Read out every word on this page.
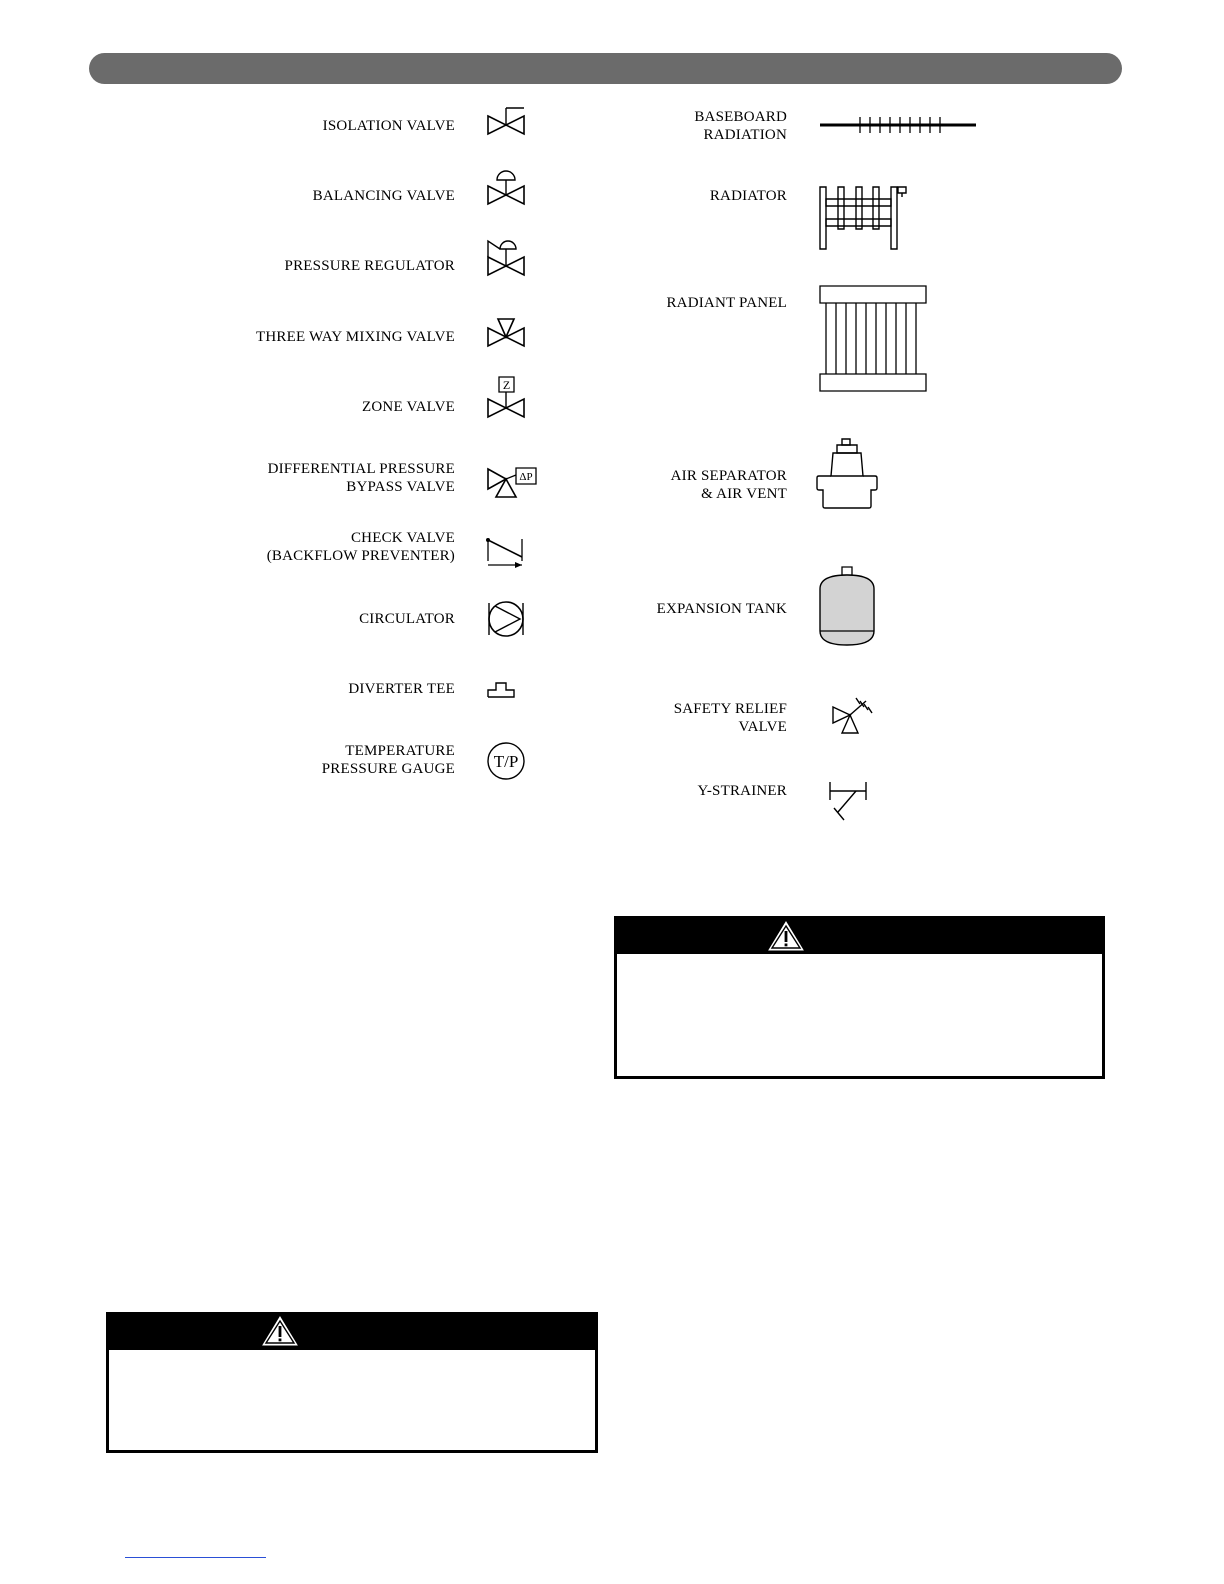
ISOLATION VALVE
BALANCING VALVE
PRESSURE REGULATOR
THREE WAY MIXING VALVE
ZONE VALVE
DIFFERENTIAL PRESSURE
BYPASS VALVE
CHECK VALVE
(BACKFLOW PREVENTER)
CIRCULATOR
DIVERTER TEE
TEMPERATURE
PRESSURE GAUGE
Z
ΔP
T/P
BASEBOARD
RADIATION
RADIATOR
RADIANT PANEL
AIR SEPARATOR
& AIR VENT
EXPANSION TANK
SAFETY RELIEF
VALVE
Y-STRAINER
